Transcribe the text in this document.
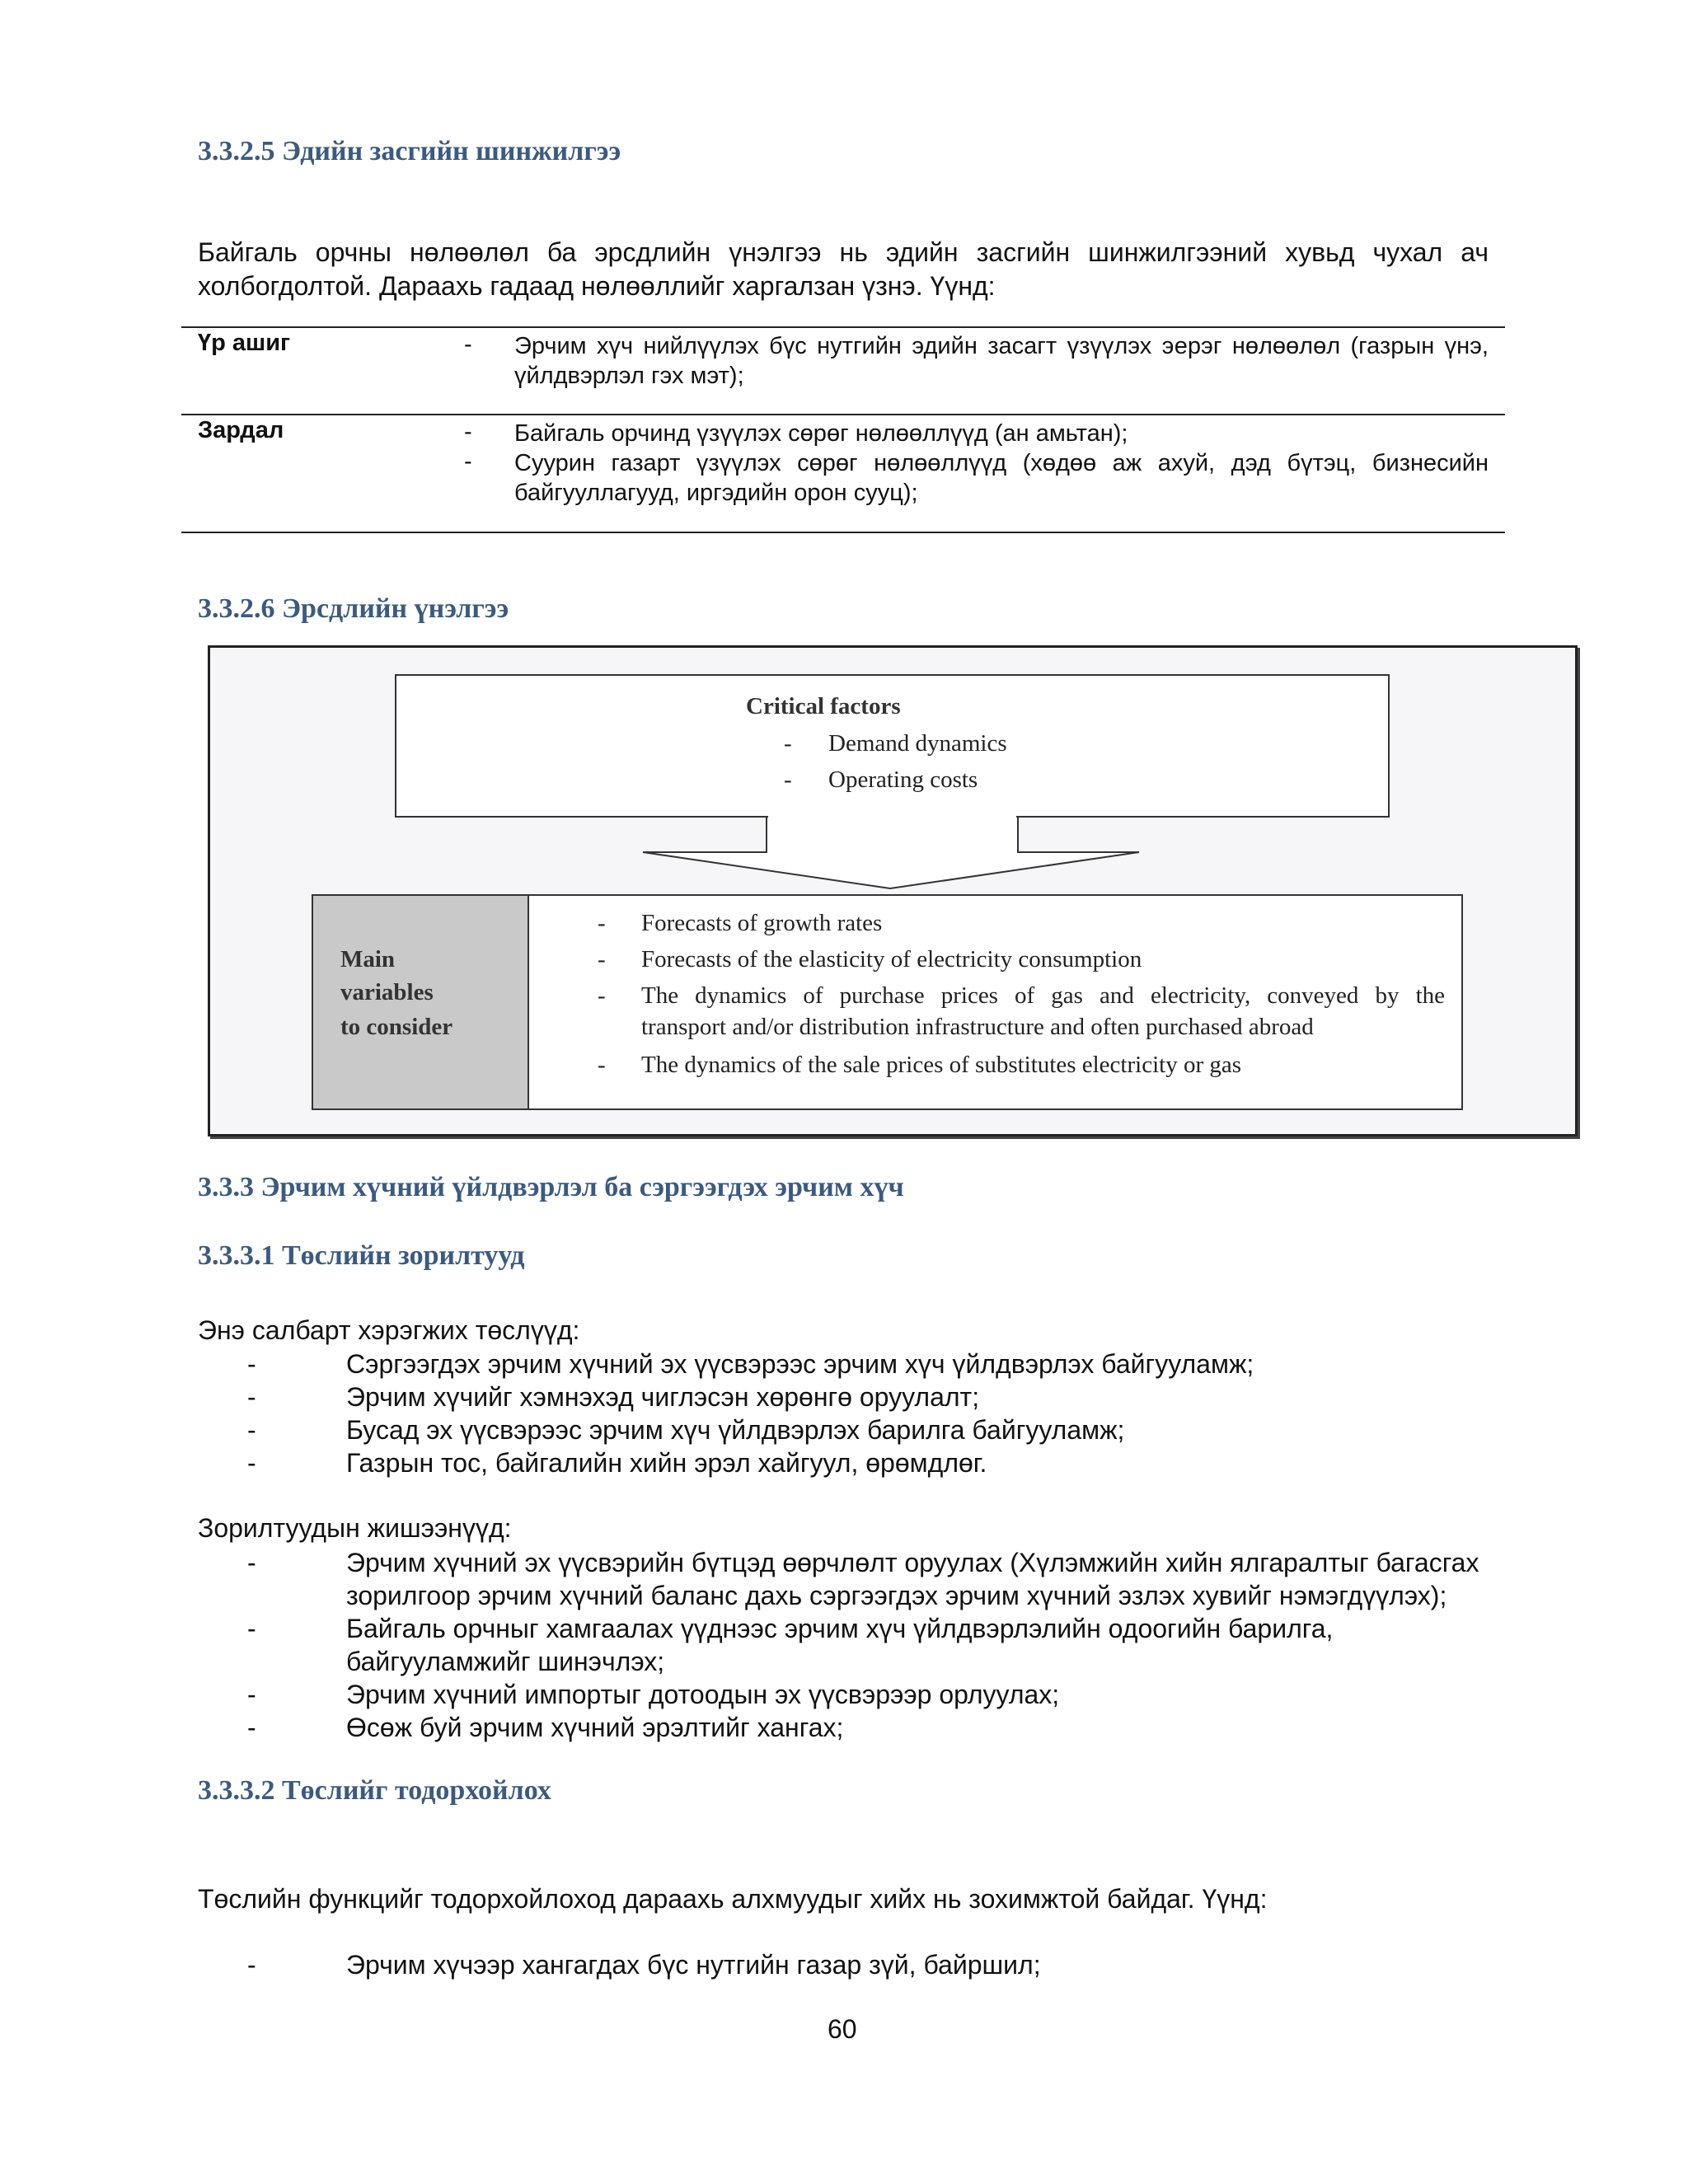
3.3.2.5 Эдийн засгийн шинжилгээ
Байгаль орчны нөлөөлөл ба эрсдлийн үнэлгээ нь эдийн засгийн шинжилгээний хувьд чухал ач
холбогдолтой. Дараахь гадаад нөлөөллийг харгалзан үзнэ. Үүнд:
Үр ашиг	- Эрчим хүч нийлүүлэх бүс нутгийн эдийн засагт үзүүлэх эерэг нөлөөлөл (газрын үнэ,
үйлдвэрлэл гэх мэт);
Зардал	- Байгаль орчинд үзүүлэх сөрөг нөлөөллүүд (ан амьтан);
- Суурин газарт үзүүлэх сөрөг нөлөөллүүд (хөдөө аж ахуй, дэд бүтэц, бизнесийн
байгууллагууд, иргэдийн орон сууц);
3.3.2.6 Эрсдлийн үнэлгээ
Critical factors
- Demand dynamics
- Operating costs
Main
variables
to consider
- Forecasts of growth rates
- Forecasts of the elasticity of electricity consumption
- The dynamics of purchase prices of gas and electricity, conveyed by the
transport and/or distribution infrastructure and often purchased abroad
- The dynamics of the sale prices of substitutes electricity or gas
3.3.3 Эрчим хүчний үйлдвэрлэл ба сэргээгдэх эрчим хүч
3.3.3.1 Төслийн зорилтууд
Энэ салбарт хэрэгжих төслүүд:
-	Сэргээгдэх эрчим хүчний эх үүсвэрээс эрчим хүч үйлдвэрлэх байгууламж;
-	Эрчим хүчийг хэмнэхэд чиглэсэн хөрөнгө оруулалт;
-	Бусад эх үүсвэрээс эрчим хүч үйлдвэрлэх барилга байгууламж;
-	Газрын тос, байгалийн хийн эрэл хайгуул, өрөмдлөг.
Зорилтуудын жишээнүүд:
-	Эрчим хүчний эх үүсвэрийн бүтцэд өөрчлөлт оруулах (Хүлэмжийн хийн ялгаралтыг багасгах
зорилгоор эрчим хүчний баланс дахь сэргээгдэх эрчим хүчний эзлэх хувийг нэмэгдүүлэх);
-	Байгаль орчныг хамгаалах үүднээс эрчим хүч үйлдвэрлэлийн одоогийн барилга,
байгууламжийг шинэчлэх;
-	Эрчим хүчний импортыг дотоодын эх үүсвэрээр орлуулах;
-	Өсөж буй эрчим хүчний эрэлтийг хангах;
3.3.3.2 Төслийг тодорхойлох
Төслийн функцийг тодорхойлоход дараахь алхмуудыг хийх нь зохимжтой байдаг. Үүнд:
-	Эрчим хүчээр хангагдах бүс нутгийн газар зүй, байршил;
60
